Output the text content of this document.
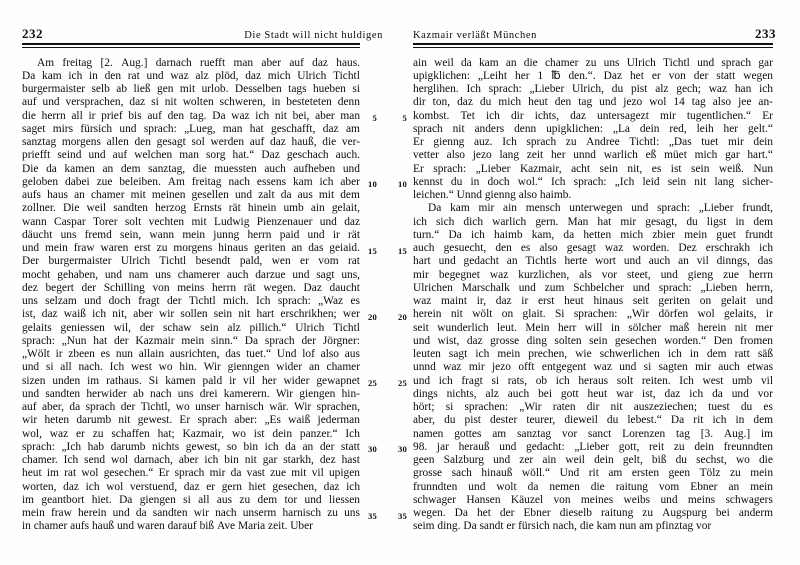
232	Die Stadt will nicht huldigen
Am freitag [2. Aug.] darnach ruefft man aber auf daz haus.
Da kam ich in den rat und waz alz plöd, daz mich Ulrich Tichtl
burgermaister selb ab ließ gen mit urlob. Desselben tags hueben si
auf und versprachen, daz si nit wolten schweren, in besteteten denn
die herrn all ir prief bis auf den tag. Da waz ich nit bei, aber man 5
saget mirs fürsich und sprach: „Lueg, man hat geschafft, daz am
sanztag morgens allen den gesagt sol werden auf daz hauß, die ver-
priefft seind und auf welchen man sorg hat.“ Daz geschach auch.
Die da kamen an dem sanztag, die muessten auch aufheben und
geloben dabei zue beleiben. Am freitag nach essens kam ich aber 10
aufs haus an chamer mit meinen gesellen und zalt da aus mit dem
zollner. Die weil sandten herzog Ernsts rät hinein umb ain gelait,
wann Caspar Torer solt vechten mit Ludwig Pienzenauer und daz
däucht uns fremd sein, wann mein junng herrn paid und ir rät
und mein fraw waren erst zu morgens hinaus geriten an das geiaid. 15
Der burgermaister Ulrich Tichtl besendt pald, wen er vom rat
mocht gehaben, und nam uns chamerer auch darzue und sagt uns,
dez begert der Schilling von meins herrn rät wegen. Daz daucht
uns selzam und doch fragt der Tichtl mich. Ich sprach: „Waz es
ist, daz waiß ich nit, aber wir sollen sein nit hart erschrikhen; wer 20
gelaits geniessen wil, der schaw sein alz pillich.“ Ulrich Tichtl
sprach: „Nun hat der Kazmair mein sinn.“ Da sprach der Jörgner:
„Wölt ir zbeen es nun allain ausrichten, das tuet.“ Und lof also aus
und si all nach. Ich west wo hin. Wir gienngen wider an chamer
sizen unden im rathaus. Si kamen pald ir vil her wider gewapnet 25
und sandten herwider ab nach uns drei kamerern. Wir giengen hin-
auf aber, da sprach der Tichtl, wo unser harnisch wär. Wir sprachen,
wir heten darumb nit gewest. Er sprach aber: „Es waiß jederman
wol, waz er zu schaffen hat; Kazmair, wo ist dein panzer.“ Ich
sprach: „Ich hab darumb nichts gewest, so bin ich da an der statt 30
chamer. Ich send wol darnach, aber ich bin nit gar starkh, dez hast
heut im rat wol gesechen.“ Er sprach mir da vast zue mit vil upigen
worten, daz ich wol verstuend, daz er gern hiet gesechen, daz ich
im geantbort hiet. Da giengen si all aus zu dem tor und liessen
mein fraw herein und da sandten wir nach unserm harnisch zu uns 35
in chamer aufs hauß und waren darauf biß Ave Maria zeit. Uber
Kazmair verläßt München	233
ain weil da kam an die chamer zu uns Ulrich Tichtl und sprach gar
upigklichen: „Leiht her 1 ℔ den.“. Daz het er von der statt wegen
herglihen. Ich sprach: „Lieber Ulrich, du pist alz gech; waz han ich
dir ton, daz du mich heut den tag und jezo wol 14 tag also jee an-
kombst. Tet ich dir ichts, daz untersagezt mir tugentlichen.“ Er
5
sprach nit anders denn upigklichen: „La dein red, leih her gelt.“
Er gienng auz. Ich sprach zu Andree Tichtl: „Das tuet mir dein
vetter also jezo lang zeit her unnd warlich eß müet mich gar hart.“
Er sprach: „Lieber Kazmair, acht sein nit, es ist sein weiß. Nun
kennst du in doch wol.“ Ich sprach: „Ich leid sein nit lang sicher-
10
leichen.“ Unnd gienng also haimb.
Da kam mir ain mensch unterwegen und sprach: „Lieber frundt,
ich sich dich warlich gern. Man hat mir gesagt, du ligst in dem
turn.“ Da ich haimb kam, da hetten mich zbier mein guet frundt
auch gesuecht, den es also gesagt waz worden. Dez erschrakh ich
15
hart und gedacht an Tichtls herte wort und auch an vil dinngs, das
mir begegnet waz kurzlichen, als vor steet, und gieng zue herrn
Ulrichen Marschalk und zum Schbelcher und sprach: „Lieben herrn,
waz maint ir, daz ir erst heut hinaus seit geriten on gelait und
herein nit wölt on glait. Si sprachen: „Wir dörfen wol gelaits, ir
20
seit wunderlich leut. Mein herr will in sölcher maß herein nit mer
und wist, daz grosse ding solten sein gesechen worden.“ Den fromen
leuten sagt ich mein prechen, wie schwerlichen ich in dem ratt säß
unnd waz mir jezo offt entgegent waz und si sagten mir auch etwas
und ich fragt si rats, ob ich heraus solt reiten. Ich west umb vil
25
dings nichts, alz auch bei gott heut war ist, daz ich da und vor
hört; si sprachen: „Wir raten dir nit auszeziechen; tuest du es
aber, du pist dester teurer, dieweil du lebest.“ Da rit ich in dem
namen gottes am sanztag vor sanct Lorenzen tag [3. Aug.] im
98. jar herauß und gedacht: „Lieber gott, reit zu dein freunndten
30
geen Salzburg und zer ain weil dein gelt, biß du sechst, wo die
grosse sach hinauß wöll.“ Und rit am ersten geen Tölz zu mein
frunndten und wolt da nemen die raitung vom Ebner an mein
schwager Hansen Käuzel von meines weibs und meins schwagers
wegen. Da het der Ebner dieselb raitung zu Augspurg bei anderm
35
seim ding. Da sandt er fürsich nach, die kam nun am pfinztag vor
